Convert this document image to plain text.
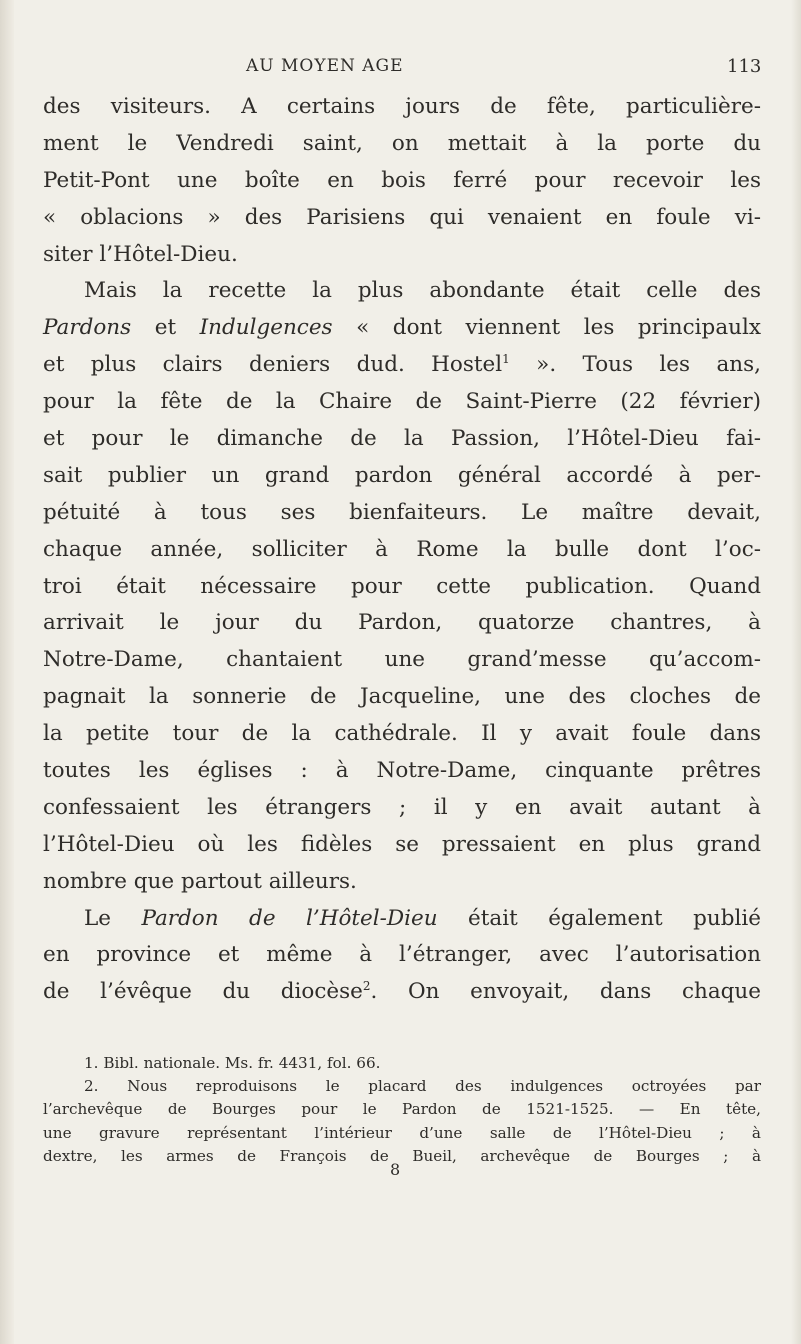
AU MOYEN AGE	113
des visiteurs. A certains jours de fête, particulière-
ment le Vendredi saint, on mettait à la porte du
Petit-Pont une boîte en bois ferré pour recevoir les
« oblacions » des Parisiens qui venaient en foule vi-
siter l’Hôtel-Dieu.
Mais la recette la plus abondante était celle des
Pardons et Indulgences « dont viennent les principaulx
et plus clairs deniers dud. Hostel$^1$ ». Tous les ans,
pour la fête de la Chaire de Saint-Pierre (22 février)
et pour le dimanche de la Passion, l’Hôtel-Dieu fai-
sait publier un grand pardon général accordé à per-
pétuité à tous ses bienfaiteurs. Le maître devait,
chaque année, solliciter à Rome la bulle dont l’oc-
troi était nécessaire pour cette publication. Quand
arrivait le jour du Pardon, quatorze chantres, à
Notre-Dame, chantaient une grand’messe qu’accom-
pagnait la sonnerie de Jacqueline, une des cloches de
la petite tour de la cathédrale. Il y avait foule dans
toutes les églises : à Notre-Dame, cinquante prêtres
confessaient les étrangers ; il y en avait autant à
l’Hôtel-Dieu où les fidèles se pressaient en plus grand
nombre que partout ailleurs.
Le Pardon de l’Hôtel-Dieu était également publié
en province et même à l’étranger, avec l’autorisation
de l’évêque du diocèse$^2$. On envoyait, dans chaque
1. Bibl. nationale. Ms. fr. 4431, fol. 66.
2. Nous reproduisons le placard des indulgences octroyées par
l’archevêque de Bourges pour le Pardon de 1521-1525. — En tête,
une gravure représentant l’intérieur d’une salle de l’Hôtel-Dieu ; à
dextre, les armes de François de Bueil, archevêque de Bourges ; à
8
